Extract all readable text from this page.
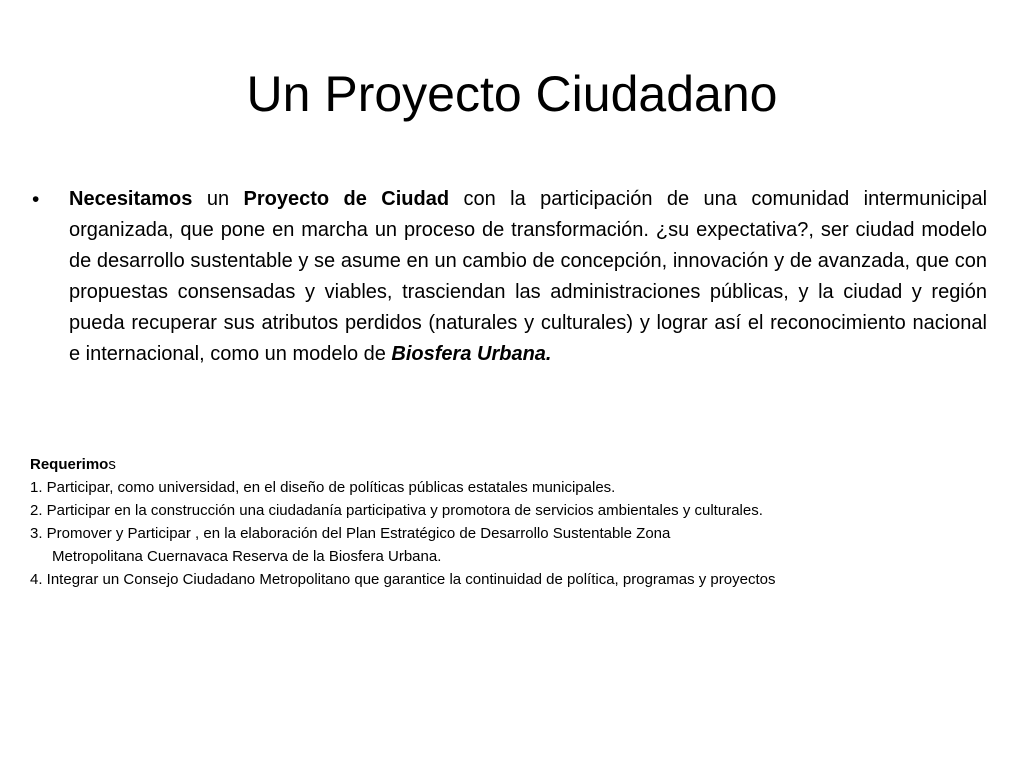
Un Proyecto Ciudadano
• Necesitamos un Proyecto de Ciudad con la participación de una comunidad intermunicipal organizada, que pone en marcha un proceso de transformación. ¿su expectativa?, ser ciudad modelo de desarrollo sustentable y se asume en un cambio de concepción, innovación y de avanzada, que con propuestas consensadas y viables, trasciendan las administraciones públicas, y la ciudad y región pueda recuperar sus atributos perdidos (naturales y culturales) y lograr así el reconocimiento nacional e internacional, como un modelo de Biosfera Urbana.
Requerimos
1. Participar, como universidad, en el diseño de políticas públicas estatales municipales.
2. Participar en la construcción una ciudadanía participativa y promotora de servicios ambientales y culturales.
3. Promover y Participar , en la elaboración del Plan Estratégico de Desarrollo Sustentable Zona
Metropolitana Cuernavaca Reserva de la Biosfera Urbana.
4. Integrar un Consejo Ciudadano Metropolitano que garantice la continuidad de política, programas y proyectos
